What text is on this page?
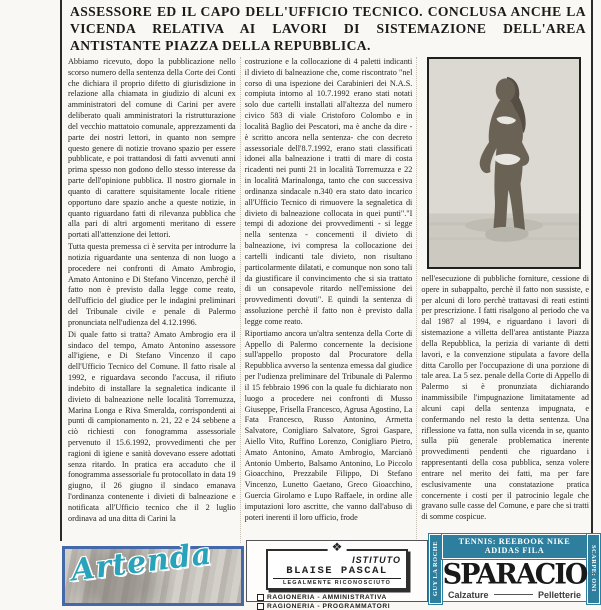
ASSESSORE ED IL CAPO DELL'UFFICIO TECNICO. CONCLUSA ANCHE LA VICENDA RELATIVA AI LAVORI DI SISTEMAZIONE DELL'AREA ANTISTANTE PIAZZA DELLA REPUBBLICA.

Abbiamo ricevuto, dopo la pubblicazione nello scorso numero della sentenza della Corte dei Conti che dichiara il proprio difetto di giurisdizione in relazione alla chiamata in giudizio di alcuni ex amministratori del comune di Carini per avere deliberato quali amministratori la ristrutturazione del vecchio mattatoio comunale, apprezzamenti da parte dei nostri lettori, in quanto non sempre questo genere di notizie trovano spazio per essere pubblicate, e poi trattandosi di fatti avvenuti anni prima spesso non godono dello stesso interesse da parte dell'opinione pubblica. Il nostro giornale in quanto di carattere squisitamente locale ritiene opportuno dare spazio anche a queste notizie, in quanto riguardano fatti di rilevanza pubblica che alla pari di altri argomenti meritano di essere portati all'attenzione dei lettori.

Tutta questa premessa ci è servita per introdurre la notizia riguardante una sentenza di non luogo a procedere nei confronti di Amato Ambrogio, Amato Antonino e Di Stefano Vincenzo, perchè il fatto non è previsto dalla legge come reato, dell'ufficio del giudice per le indagini preliminari del Tribunale civile e penale di Palermo pronunciata nell'udienza del 4.12.1996.

Di quale fatto si tratta? Amato Ambrogio era il sindaco del tempo, Amato Antonino assessore all'igiene, e Di Stefano Vincenzo il capo dell'Ufficio Tecnico del Comune. Il fatto risale al 1992, e riguardava secondo l'accusa, il rifiuto indebito di installare la segnaletica indicante il divieto di balneazione nelle località Torremuzza, Marina Longa e Riva Smeralda, corrispondenti ai punti di campionamento n. 21, 22 e 24 sebbene a ciò richiesti con fonogramma assessoriale pervenuto il 15.6.1992, provvedimenti che per ragioni di igiene e sanità dovevano essere adottati senza ritardo. In pratica era accaduto che il fonogramma assessoriale fu protocollato in data 19 giugno, il 26 giugno il sindaco emanava l'ordinanza contenente i divieti di balneazione e notificata all'Ufficio tecnico che il 2 luglio ordinava ad una ditta di Carini la

costruzione e la collocazione di 4 paletti indicanti il divieto di balneazione che, come riscontrato "nel corso di una ispezione dei Carabinieri dei N.A.S. compiuta intorno al 10.7.1992 erano stati notati solo due cartelli installati all'altezza del numero civico 583 di viale Cristoforo Colombo e in località Baglio dei Pescatori, ma è anche da dire - è scritto ancora nella sentenza- che con decreto assessoriale dell'8.7.1992, erano stati classificati idonei alla balneazione i tratti di mare di costa ricadenti nei punti 21 in località Torremuzza e 22 in località Marinalonga, tanto che con successiva ordinanza sindacale n.340 era stato dato incarico all'Ufficio Tecnico di rimuovere la segnaletica di divieto di balneazione collocata in quei punti"."I tempi di adozione dei provvedimenti - si legge nella sentenza - concernenti il divieto di balneazione, ivi compresa la collocazione dei cartelli indicanti tale divieto, non risultano particolarmente dilatati, e comunque non sono tali da giustificare il convincimento che si sia trattato di un consapevole ritardo nell'emissione dei provvedimenti dovuti". E quindi la sentenza di assoluzione perchè il fatto non è previsto dalla legge come reato.

Riportiamo ancora un'altra sentenza della Corte di Appello di Palermo concernente la decisione sull'appello proposto dal Procuratore della Repubblica avverso la sentenza emessa dal giudice per l'udienza preliminare del Tribunale di Palermo il 15 febbraio 1996 con la quale fu dichiarato non luogo a procedere nei confronti di Musso Giuseppe, Frisella Francesco, Agrusa Agostino, La Fata Francesco, Russo Antonino, Armetta Salvatore, Conigliaro Salvatore, Sgroi Gaspare, Aiello Vito, Ruffino Lorenzo, Conigliaro Pietro, Amato Antonino, Amato Ambrogio, Marcianò Antonio Umberto, Balsamo Antonino, Lo Piccolo Gioacchino, Prezzabile Filippo, Di Stefano Vincenzo, Lunetto Gaetano, Greco Gioacchino, Guercia Girolamo e Lupo Raffaele, in ordine alle imputazioni loro ascritte, che vanno dall'abuso di poteri inerenti il loro ufficio, frode

nell'esecuzione di pubbliche forniture, cessione di opere in subappalto, perchè il fatto non sussiste, e per alcuni di loro perchè trattavasi di reati estinti per prescrizione. I fatti risalgono al periodo che va dal 1987 al 1994, e riguardano i lavori di sistemazione a villetta dell'area antistante Piazza della Repubblica, la perizia di variante di detti lavori, e la convenzione stipulata a favore della ditta Carollo per l'occupazione di una porzione di tale area. La 5 sez. penale della Corte di Appello di Palermo si è pronunziata dichiarando inammissibile l'impugnazione limitatamente ad alcuni capi della sentenza impugnata, e confermando nel resto la detta sentenza. Una riflessione va fatta, non sulla vicenda in se, quanto sulla più generale problematica inerente provvedimenti pendenti che riguardano i rappresentanti della cosa pubblica, senza volere entrare nel merito dei fatti, ma per fare esclusivamente una constatazione pratica concernente i costi per il patrocinio legale che gravano sulle casse del Comune, e pare che si tratti di somme cospicue.

Artenda	❖
ISTITUTO
BLAISE PASCAL
LEGALMENTE RICONOSCIUTO
RAGIONERIA - AMMINISTRATIVA
RAGIONERIA - PROGRAMMATORI
GUY LA ROCHE	TENNIS: REEBOOK NIKE ADIDAS FILA
SPARACIO
Calzature	Pelletterie
SCARPE: ONI
